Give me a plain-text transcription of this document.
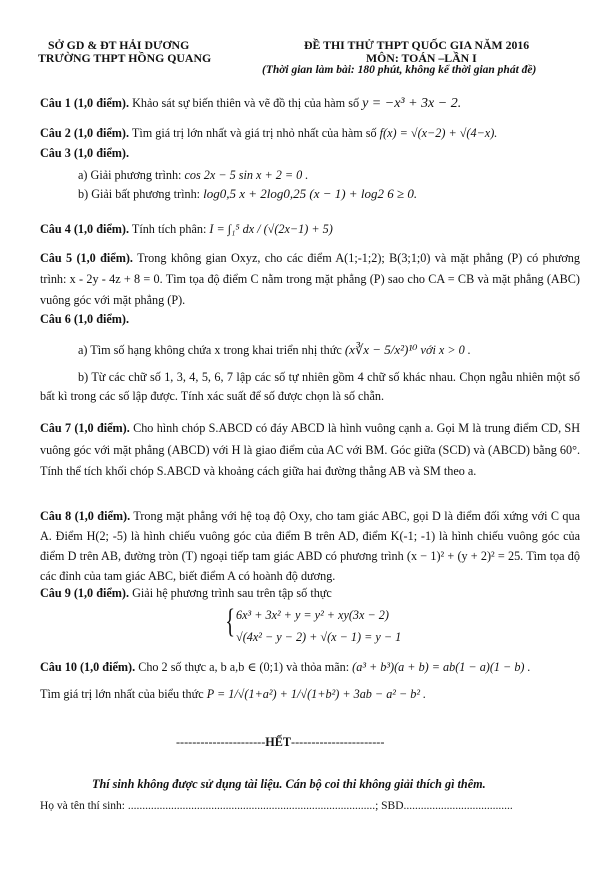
SỞ GD & ĐT HẢI DƯƠNG
TRƯỜNG THPT HỒNG QUANG
ĐỀ THI THỬ THPT QUỐC GIA NĂM 2016
MÔN: TOÁN –LẦN I
(Thời gian làm bài: 180 phút, không kể thời gian phát đề)
Câu 1 (1,0 điểm). Khảo sát sự biến thiên và vẽ đồ thị của hàm số y = −x³ + 3x − 2.
Câu 2 (1,0 điểm). Tìm giá trị lớn nhất và giá trị nhỏ nhất của hàm số f(x) = √(x−2) + √(4−x).
Câu 3 (1,0 điểm).
a) Giải phương trình: cos 2x − 5 sin x + 2 = 0 .
b) Giải bất phương trình: log0,5 x + 2log0,25 (x − 1) + log2 6 ≥ 0.
Câu 4 (1,0 điểm). Tính tích phân: I = ∫₁⁵ dx / (√(2x−1) + 5)
Câu 5 (1,0 điểm). Trong không gian Oxyz, cho các điểm A(1;-1;2); B(3;1;0) và mặt phẳng (P) có phương trình: x - 2y - 4z + 8 = 0. Tìm tọa độ điểm C nằm trong mặt phẳng (P) sao cho CA = CB và mặt phẳng (ABC) vuông góc với mặt phẳng (P).
Câu 6 (1,0 điểm).
a) Tìm số hạng không chứa x trong khai triển nhị thức (x∛x − 5/x²)¹⁰ với x > 0 .
b) Từ các chữ số 1, 3, 4, 5, 6, 7 lập các số tự nhiên gồm 4 chữ số khác nhau. Chọn ngẫu nhiên một số bất kì trong các số lập được. Tính xác suất để số được chọn là số chẵn.
Câu 7 (1,0 điểm). Cho hình chóp S.ABCD có đáy ABCD là hình vuông cạnh a. Gọi M là trung điểm CD, SH vuông góc với mặt phẳng (ABCD) với H là giao điểm của AC với BM. Góc giữa (SCD) và (ABCD) bằng 60°. Tính thể tích khối chóp S.ABCD và khoảng cách giữa hai đường thẳng AB và SM theo a.
Câu 8 (1,0 điểm). Trong mặt phẳng với hệ toạ độ Oxy, cho tam giác ABC, gọi D là điểm đối xứng với C qua A. Điểm H(2; -5) là hình chiếu vuông góc của điểm B trên AD, điểm K(-1; -1) là hình chiếu vuông góc của điểm D trên AB, đường tròn (T) ngoại tiếp tam giác ABD có phương trình (x − 1)² + (y + 2)² = 25. Tìm tọa độ các đỉnh của tam giác ABC, biết điểm A có hoành độ dương.
Câu 9 (1,0 điểm). Giải hệ phương trình sau trên tập số thực
{ 6x³ + 3x² + y = y² + xy(3x − 2)
√(4x² − y − 2) + √(x − 1) = y − 1
Câu 10 (1,0 điểm). Cho 2 số thực a, b a,b ∈ (0;1) và thỏa mãn: (a³ + b³)(a + b) = ab(1 − a)(1 − b) .
Tìm giá trị lớn nhất của biểu thức P = 1/√(1+a²) + 1/√(1+b²) + 3ab − a² − b² .
----------------------HẾT-----------------------
Thí sinh không được sử dụng tài liệu. Cán bộ coi thi không giải thích gì thêm.
Họ và tên thí sinh: ......................................................................................; SBD......................................
